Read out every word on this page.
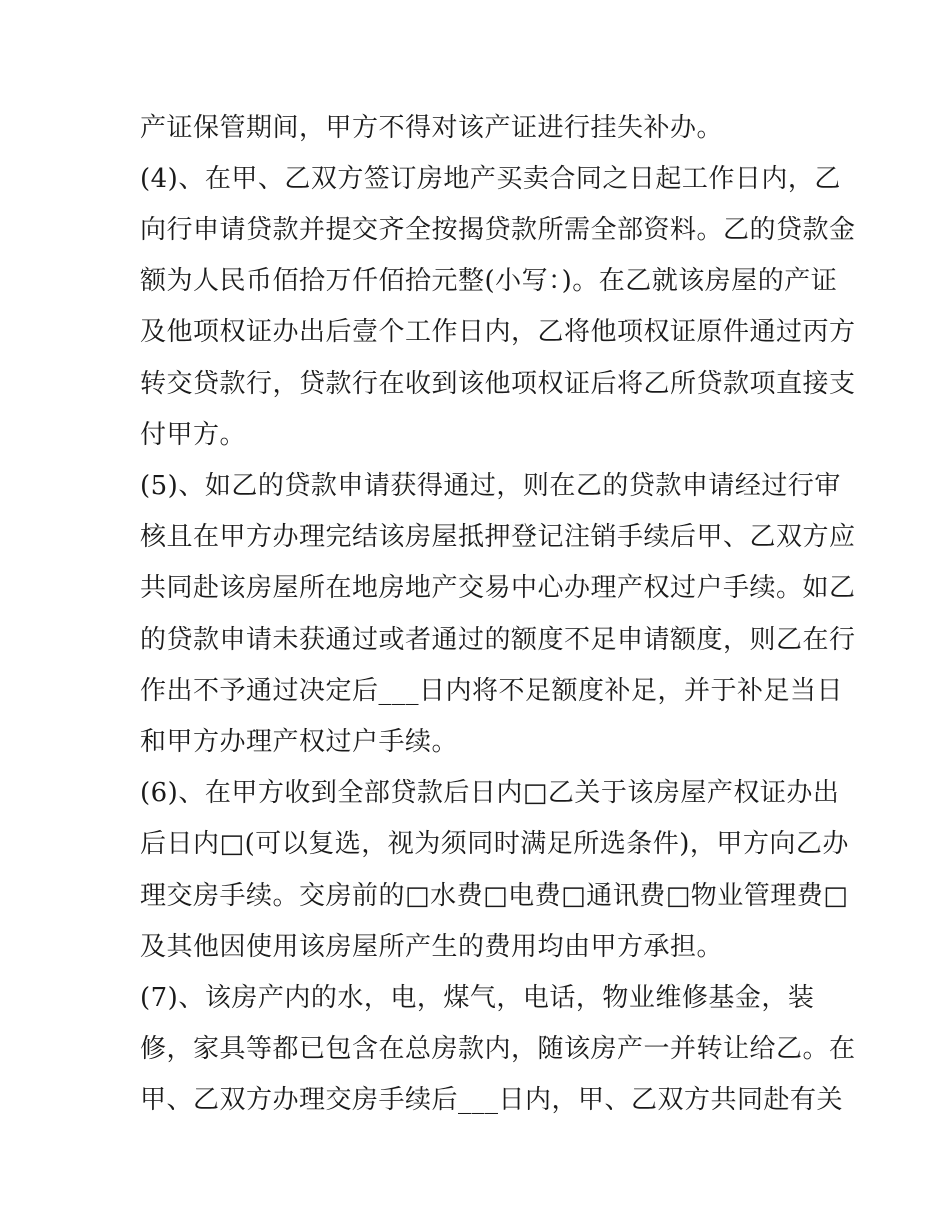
产证保管期间，甲方不得对该产证进行挂失补办。
(4)、在甲、乙双方签订房地产买卖合同之日起工作日内，乙
向行申请贷款并提交齐全按揭贷款所需全部资料。乙的贷款金
额为人民币佰拾万仟佰拾元整(小写：)。在乙就该房屋的产证
及他项权证办出后壹个工作日内，乙将他项权证原件通过丙方
转交贷款行，贷款行在收到该他项权证后将乙所贷款项直接支
付甲方。
(5)、如乙的贷款申请获得通过，则在乙的贷款申请经过行审
核且在甲方办理完结该房屋抵押登记注销手续后甲、乙双方应
共同赴该房屋所在地房地产交易中心办理产权过户手续。如乙
的贷款申请未获通过或者通过的额度不足申请额度，则乙在行
作出不予通过决定后___日内将不足额度补足，并于补足当日
和甲方办理产权过户手续。
(6)、在甲方收到全部贷款后日内□乙关于该房屋产权证办出
后日内□(可以复选，视为须同时满足所选条件)，甲方向乙办
理交房手续。交房前的□水费□电费□通讯费□物业管理费□
及其他因使用该房屋所产生的费用均由甲方承担。
(7)、该房产内的水，电，煤气，电话，物业维修基金，装
修，家具等都已包含在总房款内，随该房产一并转让给乙。在
甲、乙双方办理交房手续后___日内，甲、乙双方共同赴有关
